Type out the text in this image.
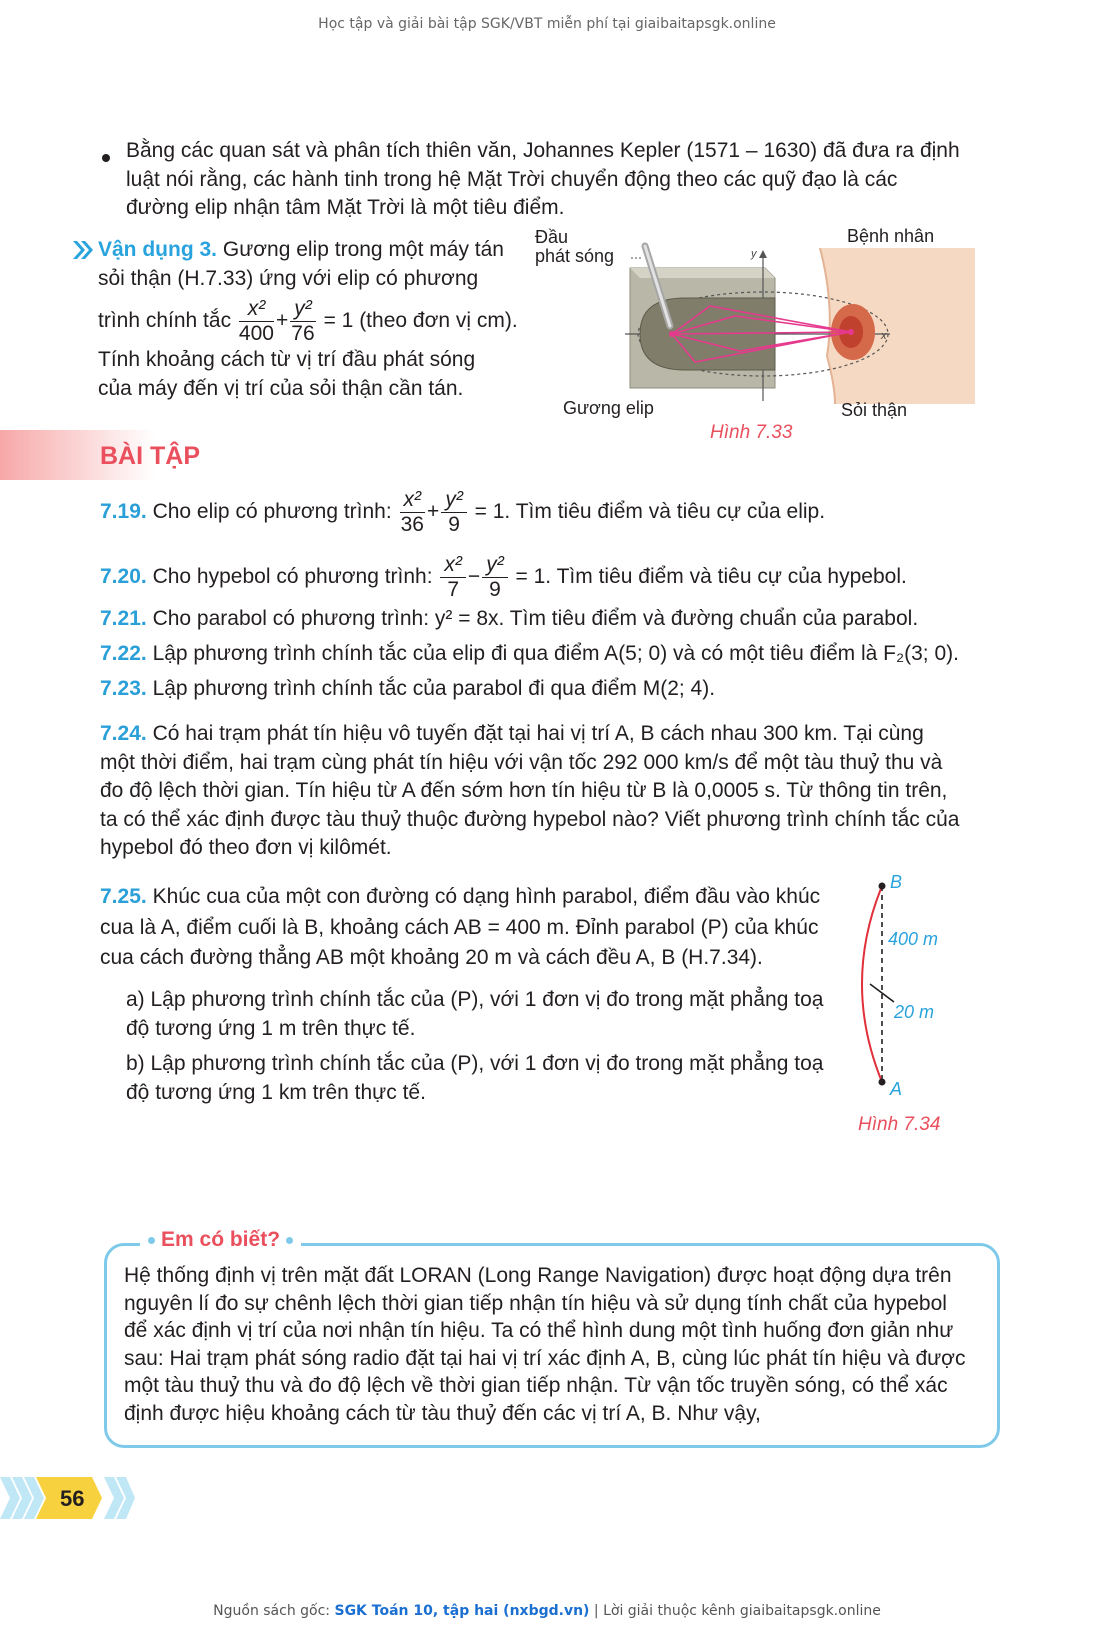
Học tập và giải bài tập SGK/VBT miễn phí tại giaibaitapsgk.online
Bằng các quan sát và phân tích thiên văn, Johannes Kepler (1571 – 1630) đã đưa ra định luật nói rằng, các hành tinh trong hệ Mặt Trời chuyển động theo các quỹ đạo là các đường elip nhận tâm Mặt Trời là một tiêu điểm.
Vận dụng 3. Gương elip trong một máy tán
sỏi thận (H.7.33) ứng với elip có phương
trình chính tắc $\frac{\text{x²}}{400} + \frac{\text{y²}}{76} = 1$ (theo đơn vị cm).
Tính khoảng cách từ vị trí đầu phát sóng
của máy đến vị trí của sỏi thận cần tán.
Đầu
phát sóng
Bệnh nhân
y
x
Gương elip	Sỏi thận
Hình 7.33
BÀI TẬP
7.19. Cho elip có phương trình: $\frac{\text{x²}}{36} + \frac{\text{y²}}{9} = 1$. Tìm tiêu điểm và tiêu cự của elip.
7.20. Cho hypebol có phương trình: $\frac{\text{x²}}{7} - \frac{\text{y²}}{9} = 1$. Tìm tiêu điểm và tiêu cự của hypebol.
7.21. Cho parabol có phương trình: y² = 8x. Tìm tiêu điểm và đường chuẩn của parabol.
7.22. Lập phương trình chính tắc của elip đi qua điểm A(5; 0) và có một tiêu điểm là F₂(3; 0).
7.23. Lập phương trình chính tắc của parabol đi qua điểm M(2; 4).
7.24. Có hai trạm phát tín hiệu vô tuyến đặt tại hai vị trí A, B cách nhau 300 km. Tại cùng một thời điểm, hai trạm cùng phát tín hiệu với vận tốc 292 000 km/s để một tàu thuỷ thu và đo độ lệch thời gian. Tín hiệu từ A đến sớm hơn tín hiệu từ B là 0,0005 s. Từ thông tin trên, ta có thể xác định được tàu thuỷ thuộc đường hypebol nào? Viết phương trình chính tắc của hypebol đó theo đơn vị kilômét.
7.25. Khúc cua của một con đường có dạng hình parabol, điểm đầu vào khúc cua là A, điểm cuối là B, khoảng cách AB = 400 m. Đỉnh parabol (P) của khúc cua cách đường thẳng AB một khoảng 20 m và cách đều A, B (H.7.34).
a) Lập phương trình chính tắc của (P), với 1 đơn vị đo trong mặt phẳng toạ độ tương ứng 1 m trên thực tế.
b) Lập phương trình chính tắc của (P), với 1 đơn vị đo trong mặt phẳng toạ độ tương ứng 1 km trên thực tế.
B
400 m
20 m
A
Hình 7.34
Em có biết?
Hệ thống định vị trên mặt đất LORAN (Long Range Navigation) được hoạt động dựa trên nguyên lí đo sự chênh lệch thời gian tiếp nhận tín hiệu và sử dụng tính chất của hypebol để xác định vị trí của nơi nhận tín hiệu. Ta có thể hình dung một tình huống đơn giản như sau: Hai trạm phát sóng radio đặt tại hai vị trí xác định A, B, cùng lúc phát tín hiệu và được một tàu thuỷ thu và đo độ lệch về thời gian tiếp nhận. Từ vận tốc truyền sóng, có thể xác định được hiệu khoảng cách từ tàu thuỷ đến các vị trí A, B. Như vậy,
56
Nguồn sách gốc: SGK Toán 10, tập hai (nxbgd.vn) | Lời giải thuộc kênh giaibaitapsgk.online
